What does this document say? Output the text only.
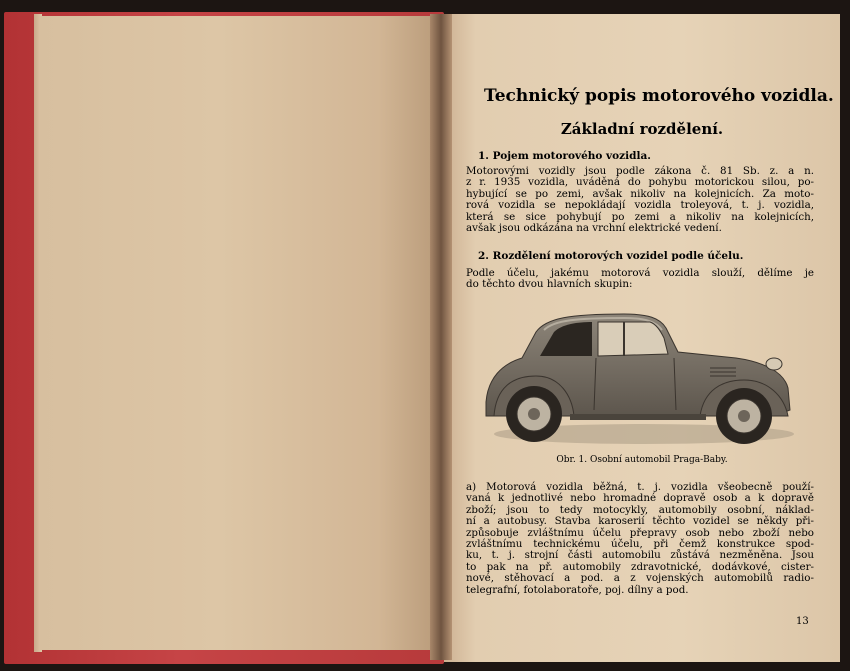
Technický popis motorového vozidla.
Základní rozdělení.
1. Pojem motorového vozidla.
Motorovými vozidly jsou podle zákona č. 81 Sb. z. a n.
z r. 1935 vozidla, uváděná do pohybu motorickou silou, po-
hybující se po zemi, avšak nikoliv na kolejnicích. Za moto-
rová vozidla se nepokládají vozidla troleyová, t. j. vozidla,
která se sice pohybují po zemi a nikoliv na kolejnicích,
avšak jsou odkázána na vrchní elektrické vedení.
2. Rozdělení motorových vozidel podle účelu.
Podle účelu, jakému motorová vozidla slouží, dělíme je
do těchto dvou hlavních skupin:
Obr. 1. Osobní automobil Praga-Baby.
a) Motorová vozidla běžná, t. j. vozidla všeobecně použí-
vaná k jednotlivé nebo hromadné dopravě osob a k dopravě
zboží; jsou to tedy motocykly, automobily osobní, náklad-
ní a autobusy. Stavba karoserií těchto vozidel se někdy při-
způsobuje zvláštnímu účelu přepravy osob nebo zboží nebo
zvláštnímu technickému účelu, při čemž konstrukce spod-
ku, t. j. strojní části automobilu zůstává nezměněna. Jsou
to pak na př. automobily zdravotnické, dodávkové, cister-
nové, stěhovací a pod. a z vojenských automobilů radio-
telegrafní, fotolaboratoře, poj. dílny a pod.
13
